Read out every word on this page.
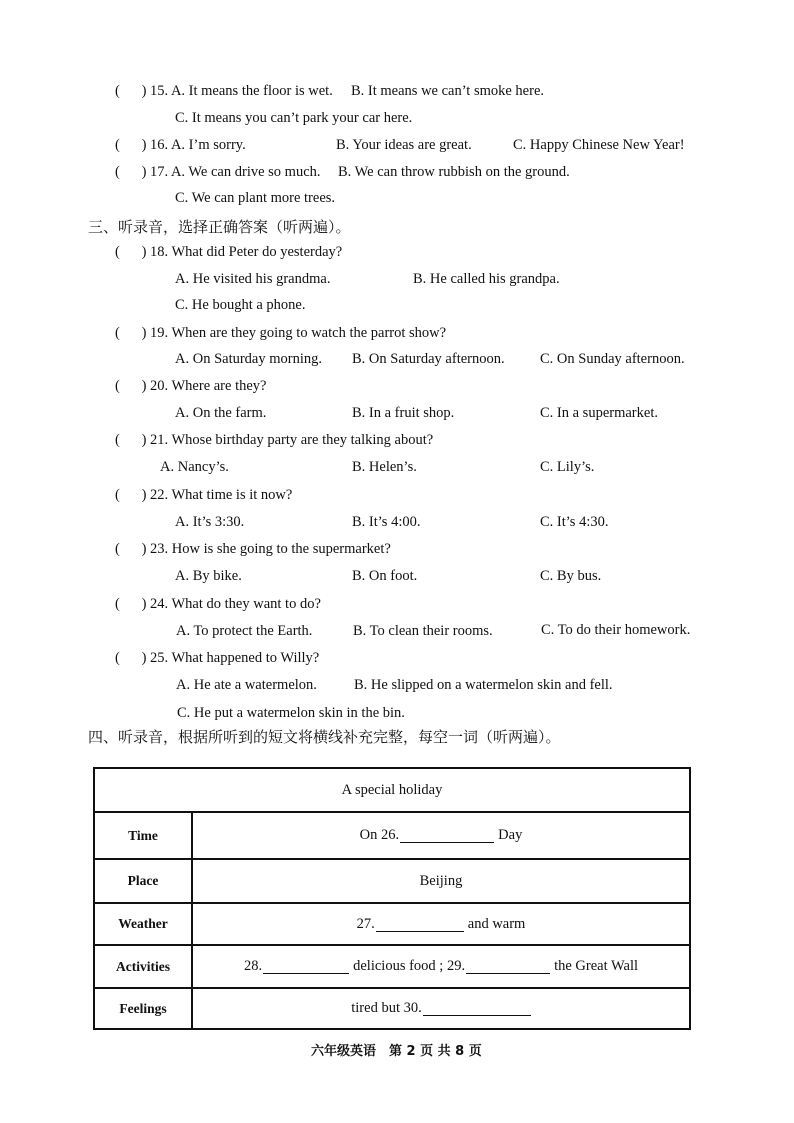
(      ) 15. A. It means the floor is wet. B. It means we can’t smoke here.
C. It means you can’t park your car here.
(      ) 16. A. I’m sorry.	B. Your ideas are great.	C. Happy Chinese New Year!
(      ) 17. A. We can drive so much. B. We can throw rubbish on the ground.
C. We can plant more trees.
三、听录音，选择正确答案（听两遍）。
(      ) 18. What did Peter do yesterday?
A. He visited his grandma.	B. He called his grandpa.
C. He bought a phone.
(      ) 19. When are they going to watch the parrot show?
A. On Saturday morning. B. On Saturday afternoon. C. On Sunday afternoon.
(      ) 20. Where are they?
A. On the farm.	B. In a fruit shop.	C. In a supermarket.
(      ) 21. Whose birthday party are they talking about?
A. Nancy’s.	B. Helen’s.	C. Lily’s.
(      ) 22. What time is it now?
A. It’s 3:30.	B. It’s 4:00.	C. It’s 4:30.
(      ) 23. How is she going to the supermarket?
A. By bike.	B. On foot.	C. By bus.
(      ) 24. What do they want to do?
A. To protect the Earth.	B. To clean their rooms.	C. To do their homework.
(      ) 25. What happened to Willy?
A. He ate a watermelon.	B. He slipped on a watermelon skin and fell.
C. He put a watermelon skin in the bin.
四、听录音，根据所听到的短文将横线补充完整，每空一词（听两遍）。
A special holiday
Time	On 26.	Day
Place	Beijing
Weather	27.	and warm
Activities	28.	delicious food ; 29.	the Great Wall
Feelings	tired but 30.
六年级英语　第 2 页 共 8 页
